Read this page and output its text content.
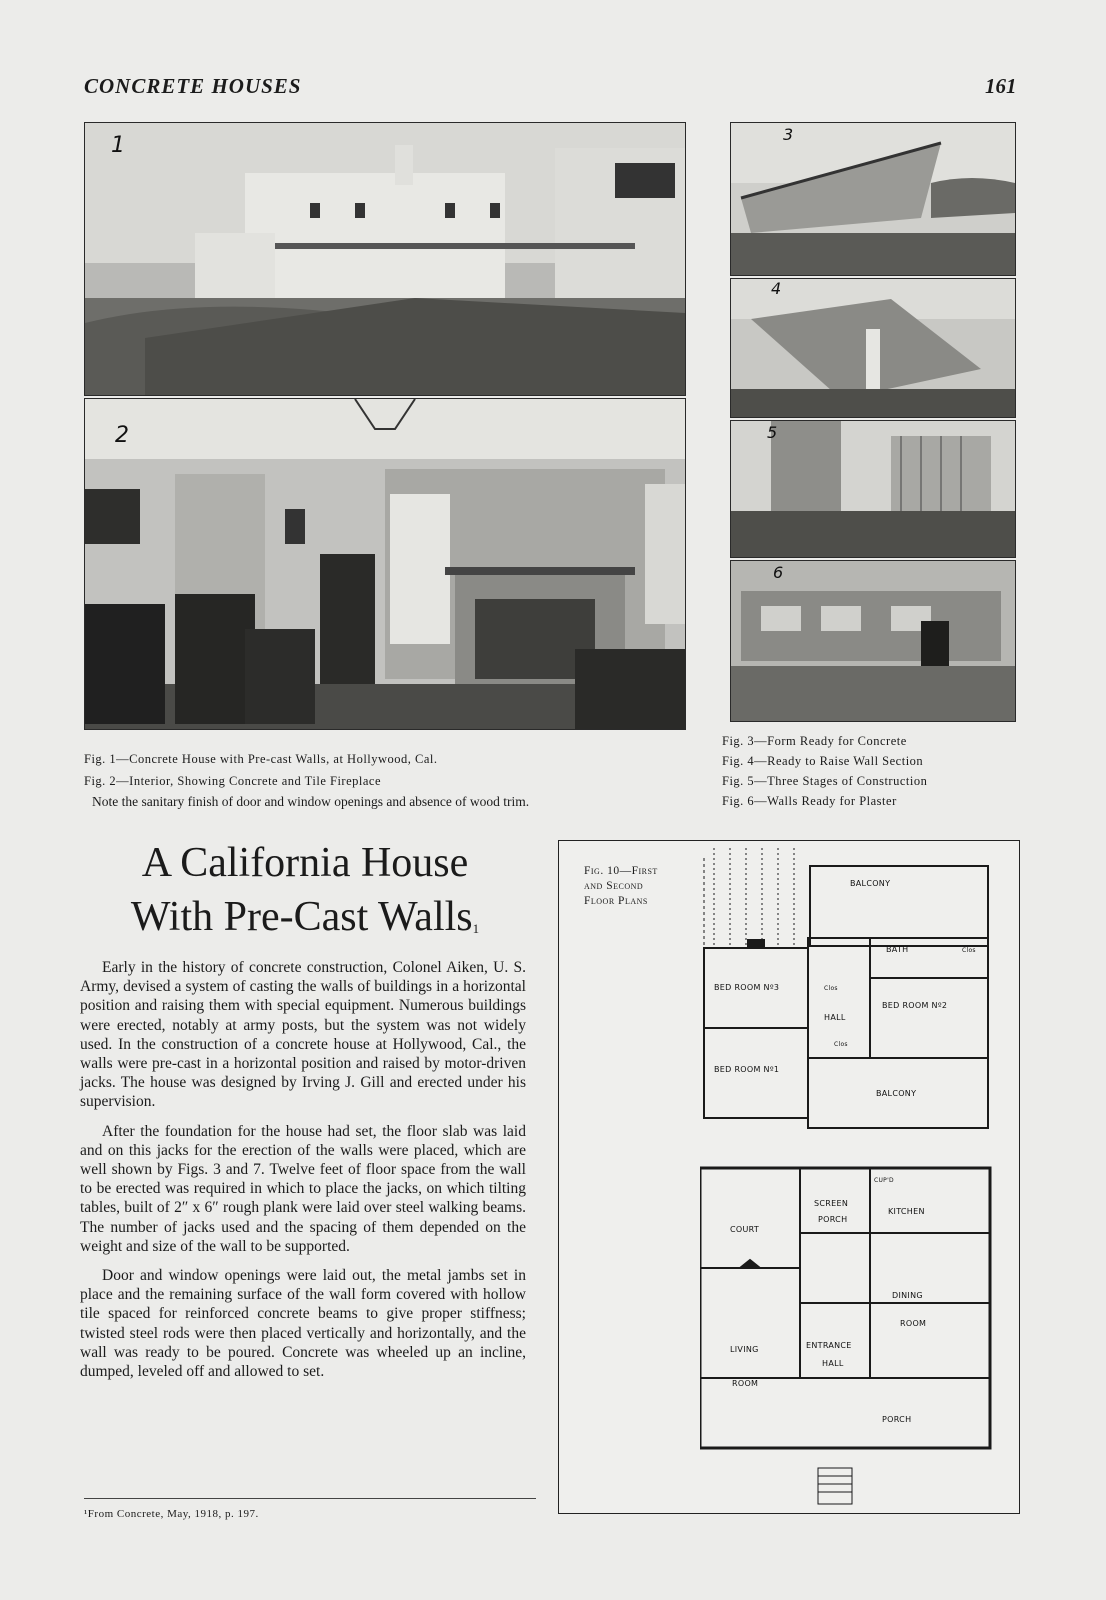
CONCRETE HOUSES	161
1
2
3
4
5
6
Fig. 1—Concrete House with Pre-cast Walls, at Hollywood, Cal.
Fig. 2—Interior, Showing Concrete and Tile Fireplace
Note the sanitary finish of door and window openings and absence of wood trim.
Fig. 3—Form Ready for Concrete
Fig. 4—Ready to Raise Wall Section
Fig. 5—Three Stages of Construction
Fig. 6—Walls Ready for Plaster
A California House
With Pre-Cast Walls$^1$

Early in the history of concrete construction, Colonel Aiken, U. S. Army, devised a system of casting the walls of buildings in a horizontal position and raising them with special equipment. Numerous buildings were erected, notably at army posts, but the system was not widely used. In the construction of a concrete house at Hollywood, Cal., the walls were pre-cast in a horizontal position and raised by motor-driven jacks. The house was designed by Irving J. Gill and erected under his supervision.

After the foundation for the house had set, the floor slab was laid and on this jacks for the erection of the walls were placed, which are well shown by Figs. 3 and 7. Twelve feet of floor space from the wall to be erected was required in which to place the jacks, on which tilting tables, built of 2″ x 6″ rough plank were laid over steel walking beams. The number of jacks used and the spacing of them depended on the weight and size of the wall to be supported.

Door and window openings were laid out, the metal jambs set in place and the remaining surface of the wall form covered with hollow tile spaced for reinforced concrete beams to give proper stiffness; twisted steel rods were then placed vertically and horizontally, and the wall was ready to be poured. Concrete was wheeled up an incline, dumped, leveled off and allowed to set.

¹From Concrete, May, 1918, p. 197.
Fig. 10—First
and Second
Floor Plans
BALCONY
BATH	Clos
BED ROOM Nº3	Clos
BED ROOM Nº2
HALL
Clos
BED ROOM Nº1
BALCONY
COURT
SCREEN
PORCH
KITCHEN
CUP'D
DINING
ROOM
LIVING
ROOM
ENTRANCE
HALL
PORCH
